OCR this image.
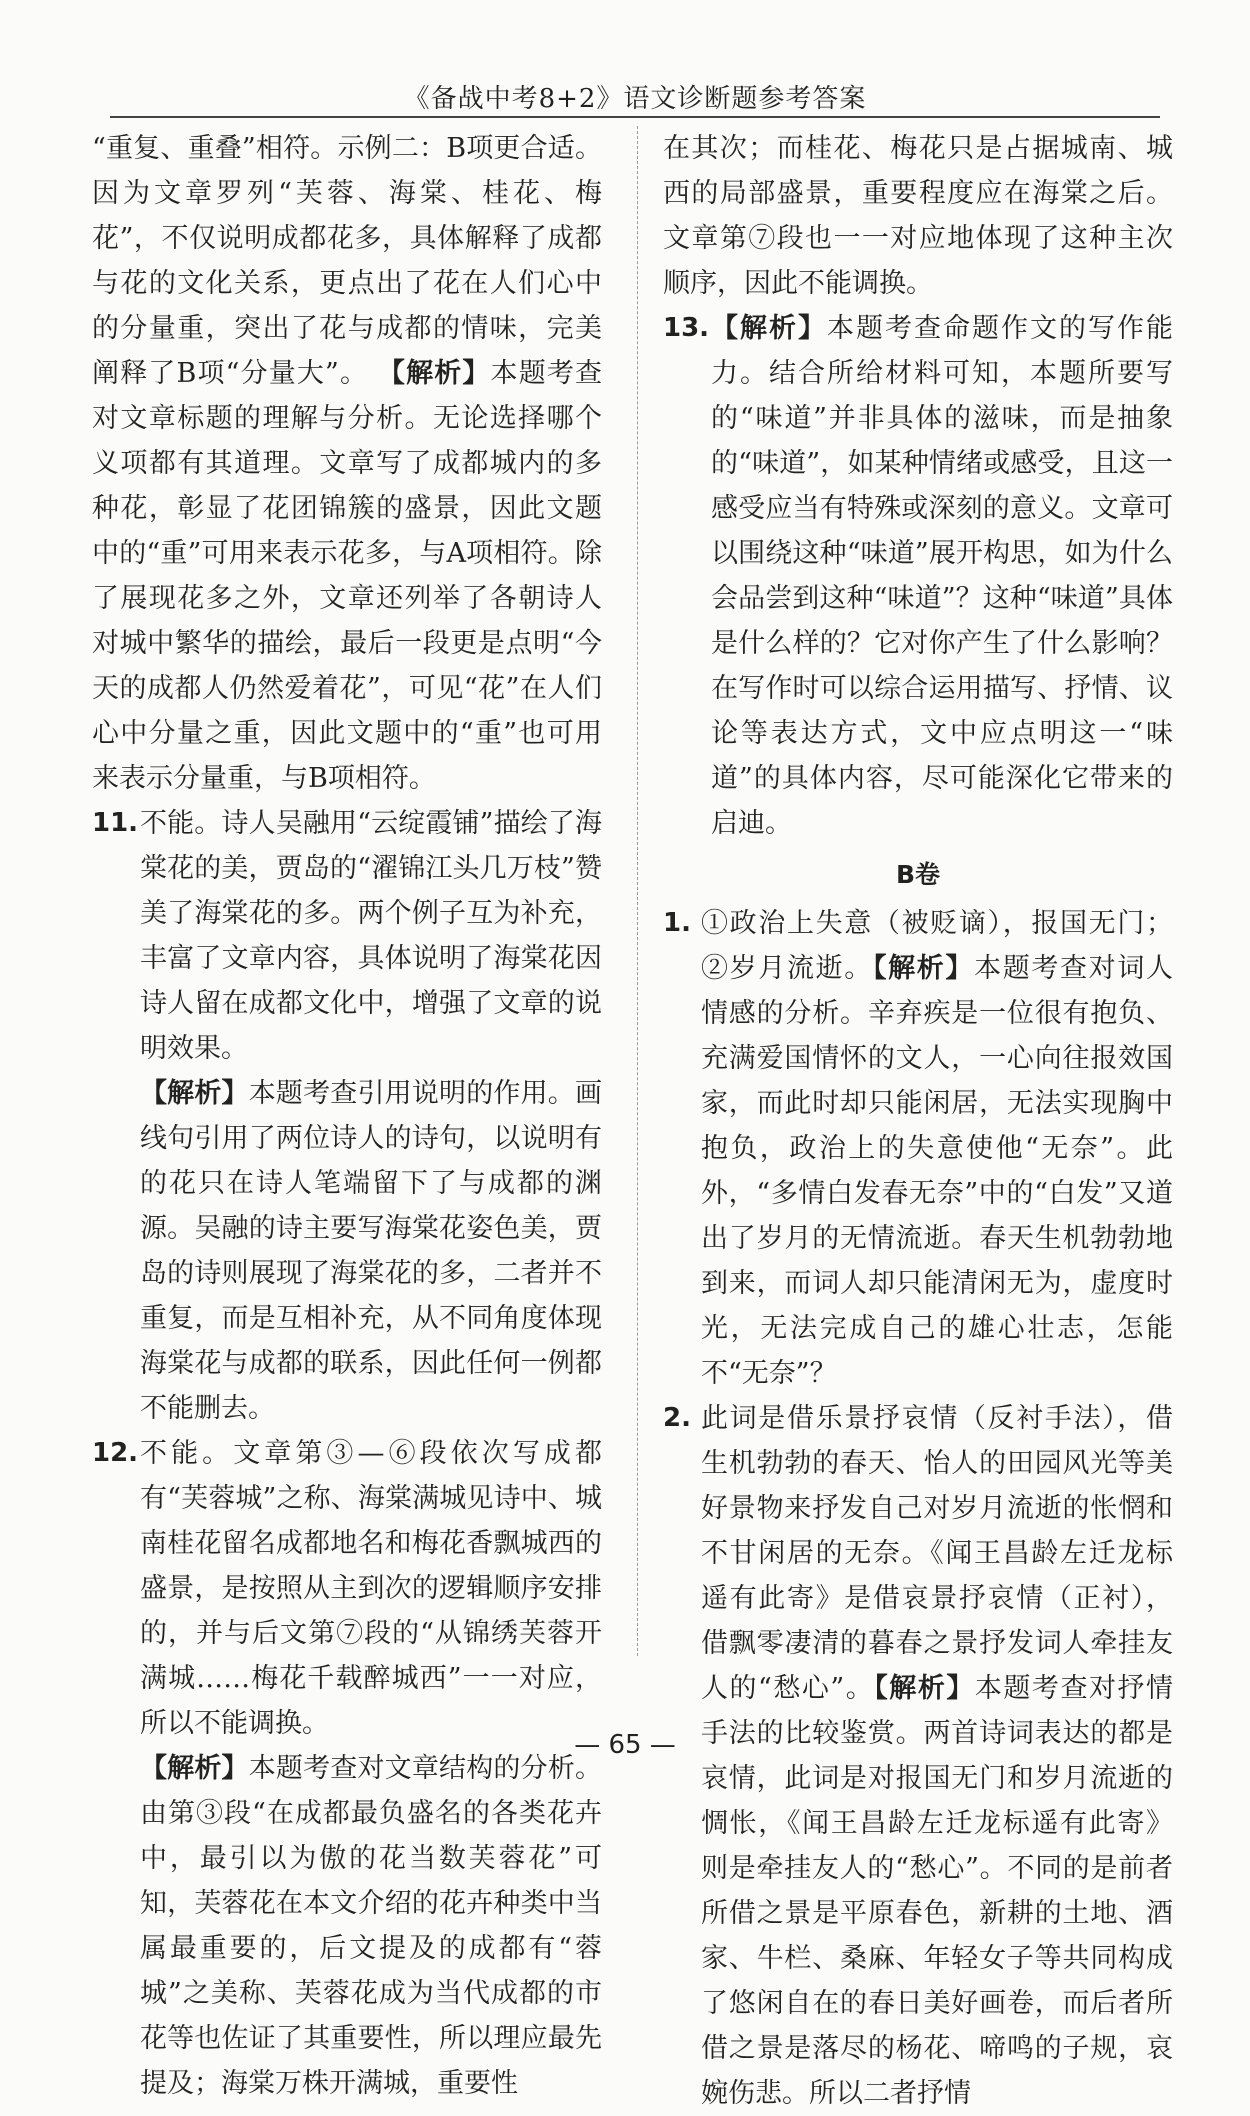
《备战中考8+2》语文诊断题参考答案

“重复、重叠”相符。示例二：B项更合适。因为文章罗列“芙蓉、海棠、桂花、梅花”，不仅说明成都花多，具体解释了成都与花的文化关系，更点出了花在人们心中的分量重，突出了花与成都的情味，完美阐释了B项“分量大”。 【解析】本题考查对文章标题的理解与分析。无论选择哪个义项都有其道理。文章写了成都城内的多种花，彰显了花团锦簇的盛景，因此文题中的“重”可用来表示花多，与A项相符。除了展现花多之外，文章还列举了各朝诗人对城中繁华的描绘，最后一段更是点明“今天的成都人仍然爱着花”，可见“花”在人们心中分量之重，因此文题中的“重”也可用来表示分量重，与B项相符。

11. 不能。诗人吴融用“云绽霞铺”描绘了海棠花的美，贾岛的“濯锦江头几万枝”赞美了海棠花的多。两个例子互为补充，丰富了文章内容，具体说明了海棠花因诗人留在成都文化中，增强了文章的说明效果。

【解析】本题考查引用说明的作用。画线句引用了两位诗人的诗句，以说明有的花只在诗人笔端留下了与成都的渊源。吴融的诗主要写海棠花姿色美，贾岛的诗则展现了海棠花的多，二者并不重复，而是互相补充，从不同角度体现海棠花与成都的联系，因此任何一例都不能删去。

12. 不能。文章第③—⑥段依次写成都有“芙蓉城”之称、海棠满城见诗中、城南桂花留名成都地名和梅花香飘城西的盛景，是按照从主到次的逻辑顺序安排的，并与后文第⑦段的“从锦绣芙蓉开满城……梅花千载醉城西”一一对应，所以不能调换。

【解析】本题考查对文章结构的分析。由第③段“在成都最负盛名的各类花卉中，最引以为傲的花当数芙蓉花”可知，芙蓉花在本文介绍的花卉种类中当属最重要的，后文提及的成都有“蓉城”之美称、芙蓉花成为当代成都的市花等也佐证了其重要性，所以理应最先提及；海棠万株开满城，重要性

在其次；而桂花、梅花只是占据城南、城西的局部盛景，重要程度应在海棠之后。文章第⑦段也一一对应地体现了这种主次顺序，因此不能调换。

13. 【解析】本题考查命题作文的写作能力。结合所给材料可知，本题所要写的“味道”并非具体的滋味，而是抽象的“味道”，如某种情绪或感受，且这一感受应当有特殊或深刻的意义。文章可以围绕这种“味道”展开构思，如为什么会品尝到这种“味道”？这种“味道”具体是什么样的？它对你产生了什么影响？在写作时可以综合运用描写、抒情、议论等表达方式，文中应点明这一“味道”的具体内容，尽可能深化它带来的启迪。

B卷
1. ①政治上失意（被贬谪），报国无门；②岁月流逝。【解析】本题考查对词人情感的分析。辛弃疾是一位很有抱负、充满爱国情怀的文人，一心向往报效国家，而此时却只能闲居，无法实现胸中抱负，政治上的失意使他“无奈”。此外，“多情白发春无奈”中的“白发”又道出了岁月的无情流逝。春天生机勃勃地到来，而词人却只能清闲无为，虚度时光，无法完成自己的雄心壮志，怎能不“无奈”？

2. 此词是借乐景抒哀情（反衬手法），借生机勃勃的春天、怡人的田园风光等美好景物来抒发自己对岁月流逝的怅惘和不甘闲居的无奈。《闻王昌龄左迁龙标遥有此寄》是借哀景抒哀情（正衬），借飘零凄清的暮春之景抒发词人牵挂友人的“愁心”。【解析】本题考查对抒情手法的比较鉴赏。两首诗词表达的都是哀情，此词是对报国无门和岁月流逝的惆怅，《闻王昌龄左迁龙标遥有此寄》则是牵挂友人的“愁心”。不同的是前者所借之景是平原春色，新耕的土地、酒家、牛栏、桑麻、年轻女子等共同构成了悠闲自在的春日美好画卷，而后者所借之景是落尽的杨花、啼鸣的子规，哀婉伤悲。所以二者抒情

— 65 —
